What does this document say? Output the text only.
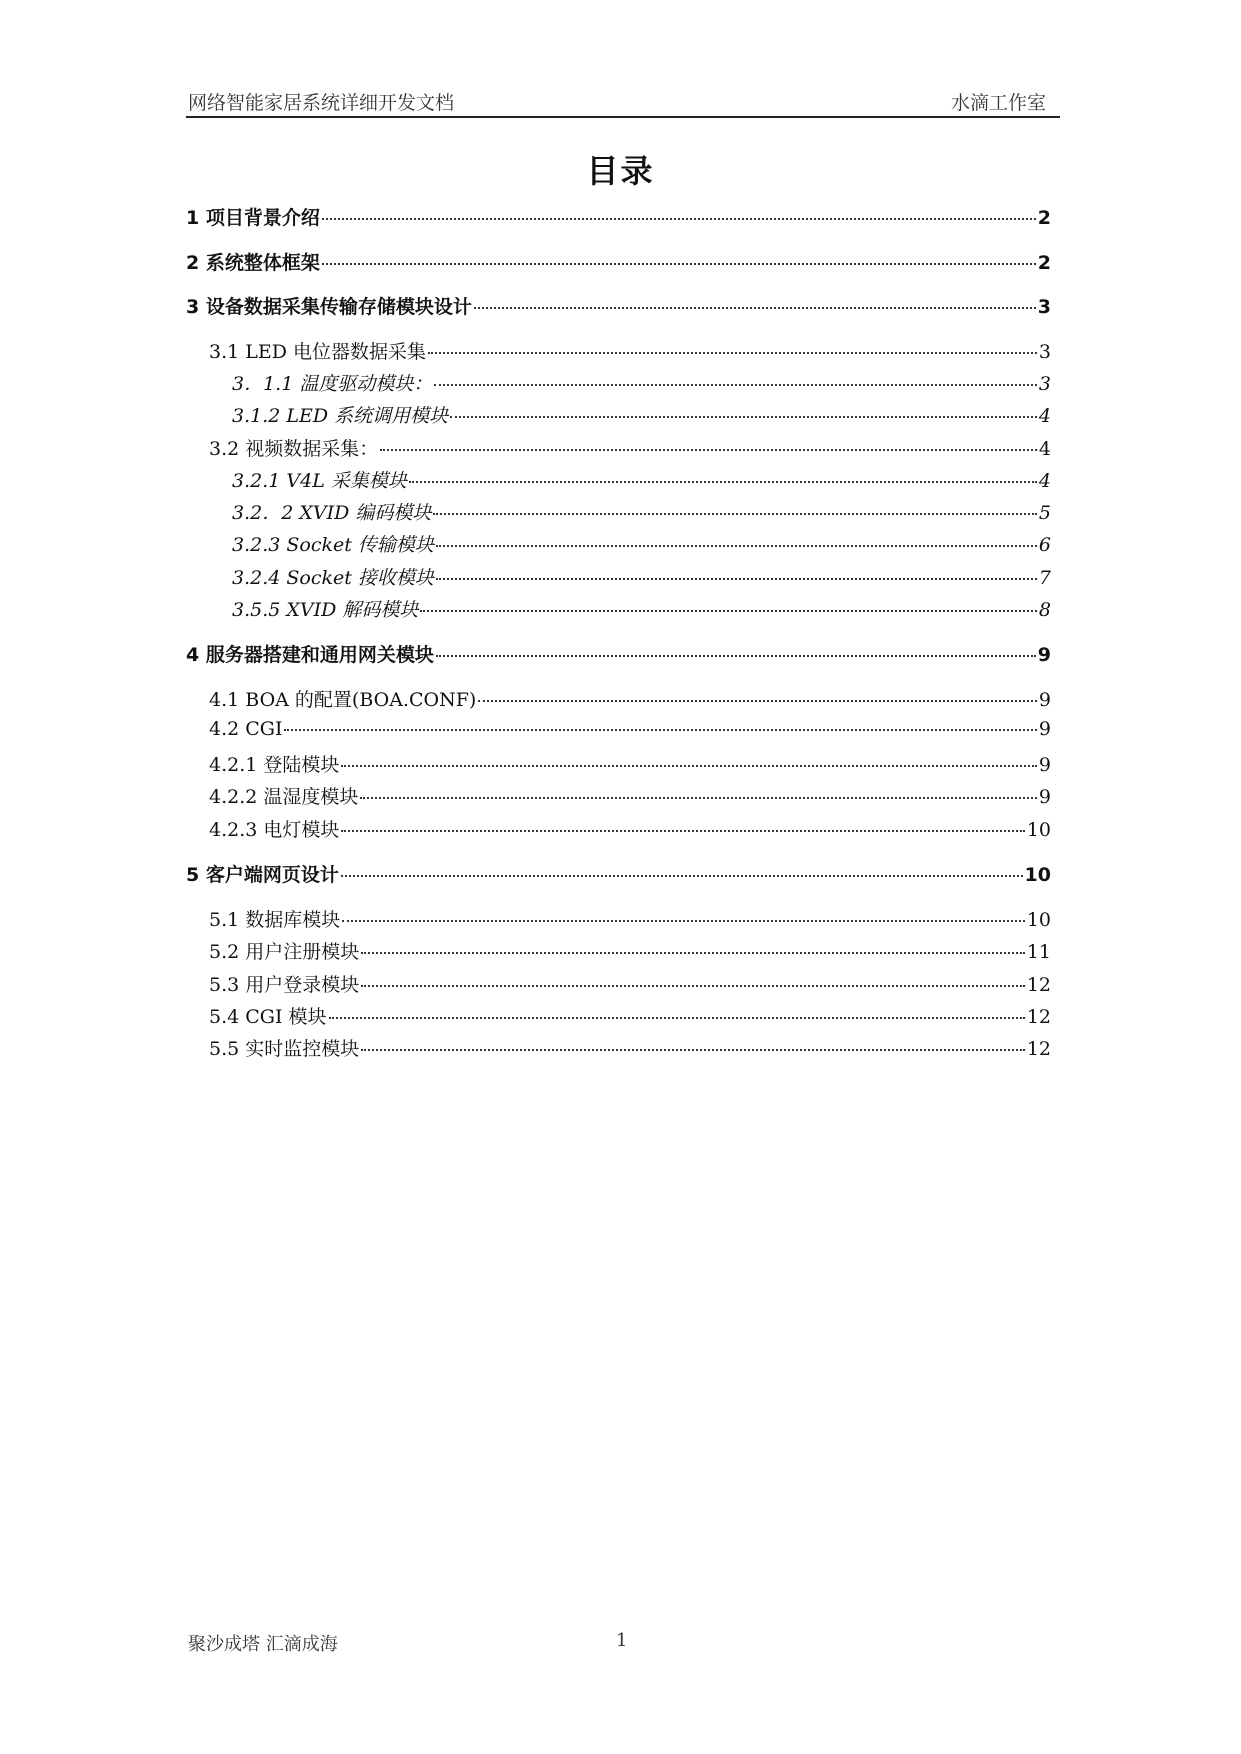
网络智能家居系统详细开发文档	水滴工作室
目录
1 项目背景介绍	2
2 系统整体框架	2
3 设备数据采集传输存储模块设计	3
3.1 LED 电位器数据采集	3
3．1.1 温度驱动模块：	3
3.1.2 LED 系统调用模块	4
3.2 视频数据采集：	4
3.2.1 V4L 采集模块	4
3.2．2 XVID 编码模块	5
3.2.3 Socket 传输模块	6
3.2.4 Socket 接收模块	7
3.5.5 XVID 解码模块	8
4 服务器搭建和通用网关模块	9
4.1 BOA 的配置(BOA.CONF)	9
4.2 CGI	9
4.2.1 登陆模块	9
4.2.2 温湿度模块	9
4.2.3 电灯模块	10
5 客户端网页设计	10
5.1 数据库模块	10
5.2 用户注册模块	11
5.3 用户登录模块	12
5.4 CGI 模块	12
5.5 实时监控模块	12
聚沙成塔 汇滴成海	1
